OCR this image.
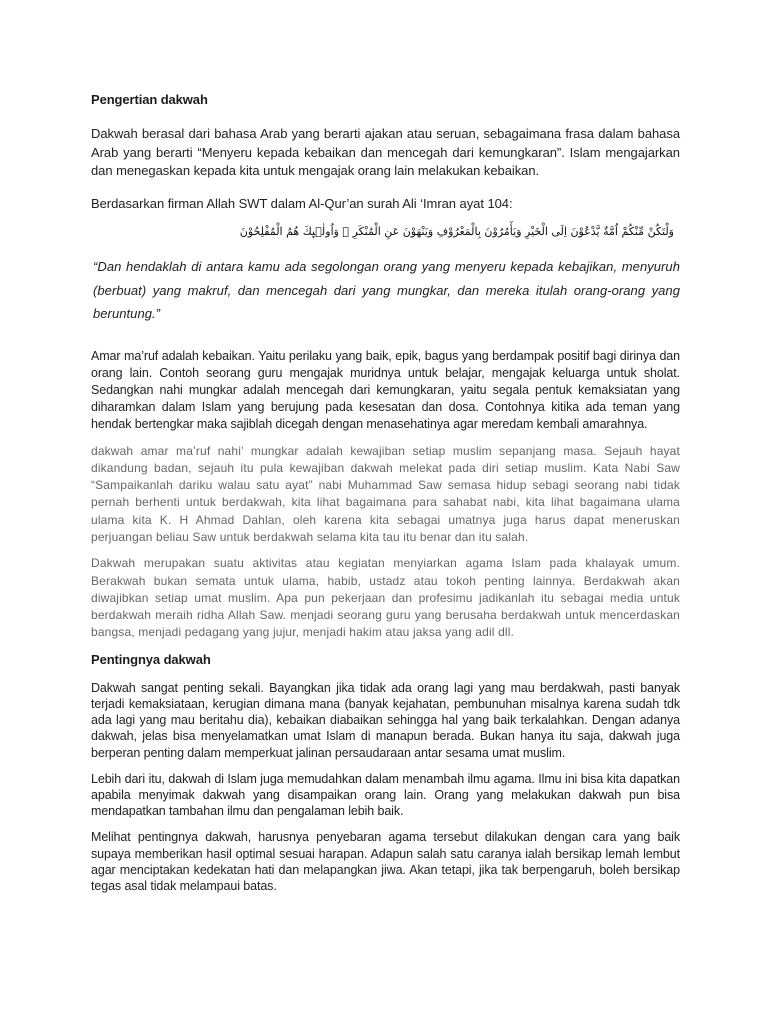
Pengertian dakwah

Dakwah berasal dari bahasa Arab yang berarti ajakan atau seruan, sebagaimana frasa dalam bahasa Arab yang berarti “Menyeru kepada kebaikan dan mencegah dari kemungkaran”. Islam mengajarkan dan menegaskan kepada kita untuk mengajak orang lain melakukan kebaikan.

Berdasarkan firman Allah SWT dalam Al-Qur’an surah Ali ‘Imran ayat 104:

وَلْتَكُنْ مِّنْكُمْ اُمَّةٌ يَّدْعُوْنَ اِلَى الْخَيْرِ وَيَأْمُرُوْنَ بِالْمَعْرُوْفِ وَيَنْهَوْنَ عَنِ الْمُنْكَرِ ۗ وَاُولٰۤىِٕكَ هُمُ الْمُفْلِحُوْنَ

“Dan hendaklah di antara kamu ada segolongan orang yang menyeru kepada kebajikan, menyuruh (berbuat) yang makruf, dan mencegah dari yang mungkar, dan mereka itulah orang-orang yang beruntung.”

Amar ma’ruf adalah kebaikan. Yaitu perilaku yang baik, epik, bagus yang berdampak positif bagi dirinya dan orang lain. Contoh seorang guru mengajak muridnya untuk belajar, mengajak keluarga untuk sholat. Sedangkan nahi mungkar adalah mencegah dari kemungkaran, yaitu segala pentuk kemaksiatan yang diharamkan dalam Islam yang berujung pada kesesatan dan dosa. Contohnya kitika ada teman yang hendak bertengkar maka sajiblah dicegah dengan menasehatinya agar meredam kembali amarahnya.

dakwah amar ma’ruf nahi’ mungkar adalah kewajiban setiap muslim sepanjang masa. Sejauh hayat dikandung badan, sejauh itu pula kewajiban dakwah melekat pada diri setiap muslim. Kata Nabi Saw “Sampaikanlah dariku walau satu ayat” nabi Muhammad Saw semasa hidup sebagi seorang nabi tidak pernah berhenti untuk berdakwah, kita lihat bagaimana para sahabat nabi, kita lihat bagaimana ulama ulama kita K. H Ahmad Dahlan, oleh karena kita sebagai umatnya juga harus dapat meneruskan perjuangan beliau Saw untuk berdakwah selama kita tau itu benar dan itu salah.

Dakwah merupakan suatu aktivitas atau kegiatan menyiarkan agama Islam pada khalayak umum. Berakwah bukan semata untuk ulama, habib, ustadz atau tokoh penting lainnya. Berdakwah akan diwajibkan setiap umat muslim. Apa pun pekerjaan dan profesimu jadikanlah itu sebagai media untuk berdakwah meraih ridha Allah Saw. menjadi seorang guru yang berusaha berdakwah untuk mencerdaskan bangsa, menjadi pedagang yang jujur, menjadi hakim atau jaksa yang adil dll.

Pentingnya dakwah

Dakwah sangat penting sekali. Bayangkan jika tidak ada orang lagi yang mau berdakwah, pasti banyak terjadi kemaksiataan, kerugian dimana mana (banyak kejahatan, pembunuhan misalnya karena sudah tdk ada lagi yang mau beritahu dia), kebaikan diabaikan sehingga hal yang baik terkalahkan. Dengan adanya dakwah, jelas bisa menyelamatkan umat Islam di manapun berada. Bukan hanya itu saja, dakwah juga berperan penting dalam memperkuat jalinan persaudaraan antar sesama umat muslim.

Lebih dari itu, dakwah di Islam juga memudahkan dalam menambah ilmu agama. Ilmu ini bisa kita dapatkan apabila menyimak dakwah yang disampaikan orang lain. Orang yang melakukan dakwah pun bisa mendapatkan tambahan ilmu dan pengalaman lebih baik.

Melihat pentingnya dakwah, harusnya penyebaran agama tersebut dilakukan dengan cara yang baik supaya memberikan hasil optimal sesuai harapan. Adapun salah satu caranya ialah bersikap lemah lembut agar menciptakan kedekatan hati dan melapangkan jiwa. Akan tetapi, jika tak berpengaruh, boleh bersikap tegas asal tidak melampaui batas.
